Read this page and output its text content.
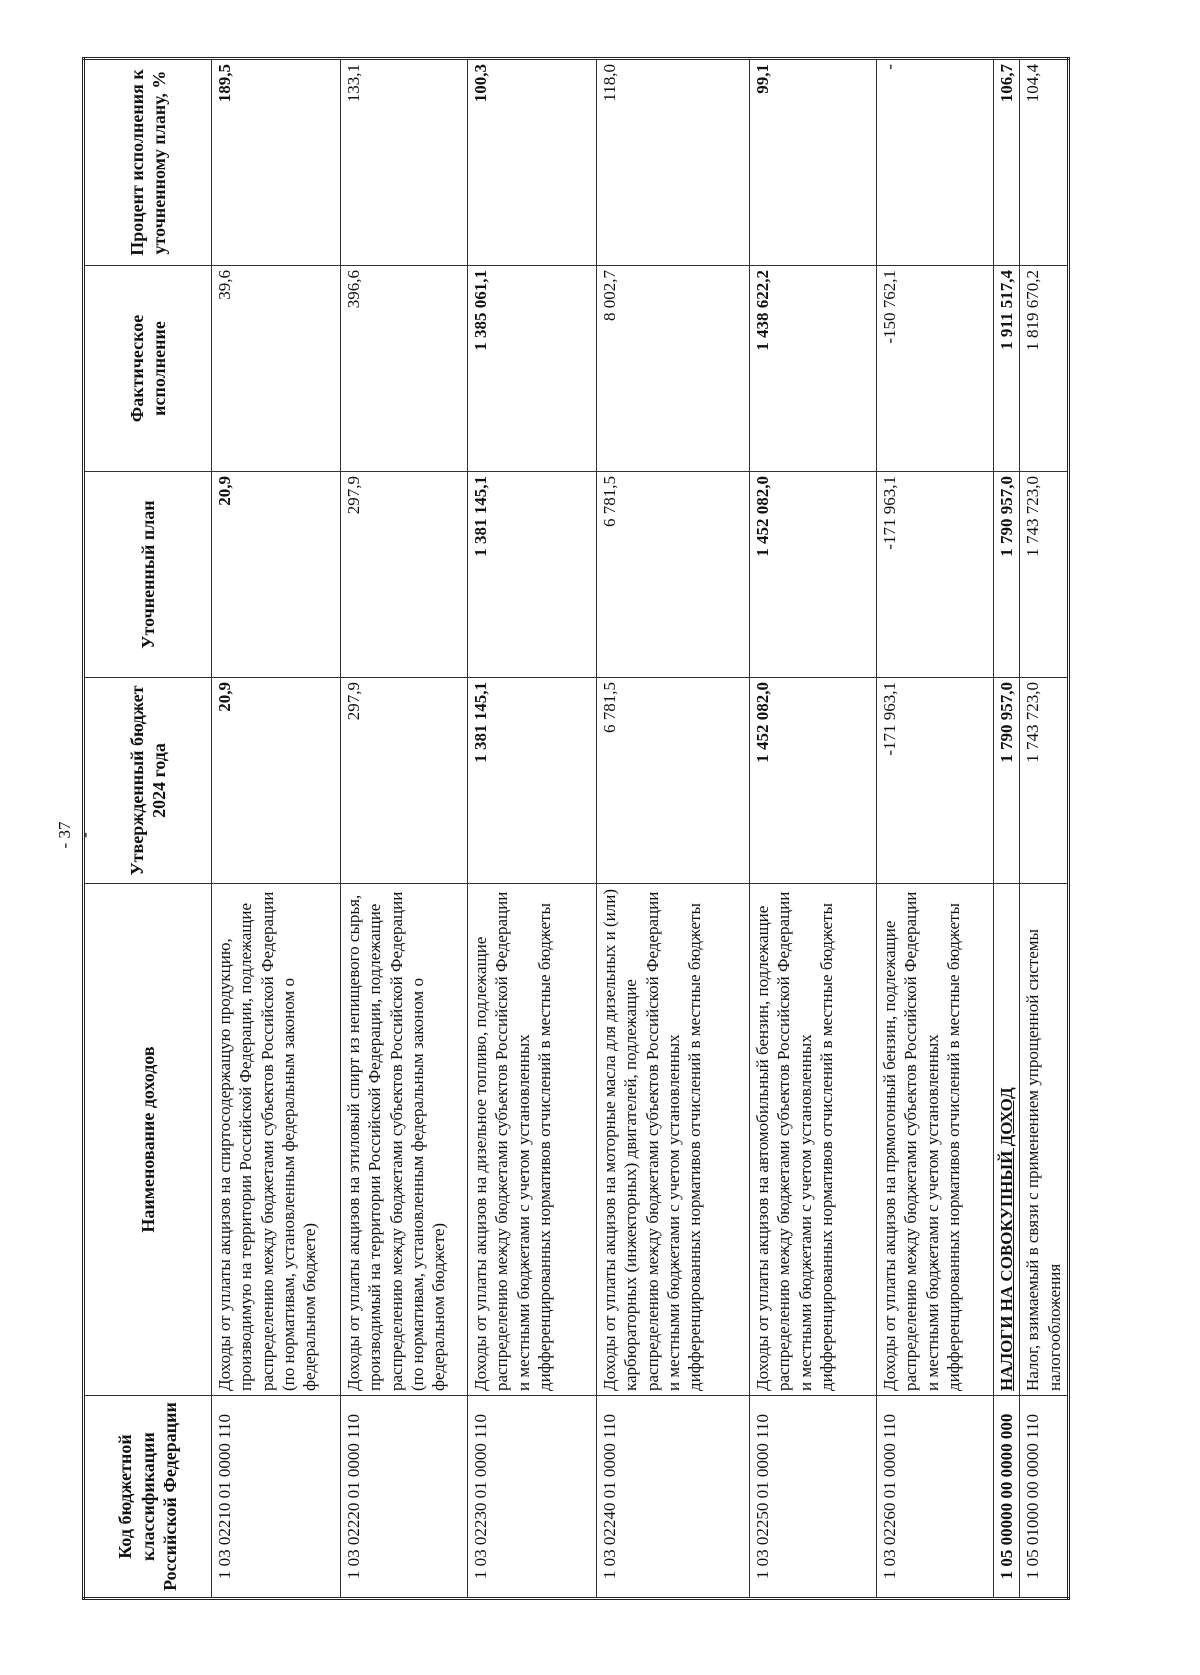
- 37 -
Код бюджетной классификации Российской Федерации	Наименование доходов	Утвержденный бюджет 2024 года	Уточненный план	Фактическое исполнение	Процент исполнения к уточненному плану, %
1 03 02210 01 0000 110	Доходы от уплаты акцизов на спиртосодержащую продукцию, производимую на территории Российской Федерации, подлежащие распределению между бюджетами субъектов Российской Федерации (по нормативам, установленным федеральным законом о федеральном бюджете)	20,9	20,9	39,6	189,5
1 03 02220 01 0000 110	Доходы от уплаты акцизов на этиловый спирт из непищевого сырья, производимый на территории Российской Федерации, подлежащие распределению между бюджетами субъектов Российской Федерации (по нормативам, установленным федеральным законом о федеральном бюджете)	297,9	297,9	396,6	133,1
1 03 02230 01 0000 110	Доходы от уплаты акцизов на дизельное топливо, подлежащие распределению между бюджетами субъектов Российской Федерации и местными бюджетами с учетом установленных дифференцированных нормативов отчислений в местные бюджеты	1 381 145,1	1 381 145,1	1 385 061,1	100,3
1 03 02240 01 0000 110	Доходы от уплаты акцизов на моторные масла для дизельных и (или) карбюраторных (инжекторных) двигателей, подлежащие распределению между бюджетами субъектов Российской Федерации и местными бюджетами с учетом установленных дифференцированных нормативов отчислений в местные бюджеты	6 781,5	6 781,5	8 002,7	118,0
1 03 02250 01 0000 110	Доходы от уплаты акцизов на автомобильный бензин, подлежащие распределению между бюджетами субъектов Российской Федерации и местными бюджетами с учетом установленных дифференцированных нормативов отчислений в местные бюджеты	1 452 082,0	1 452 082,0	1 438 622,2	99,1
1 03 02260 01 0000 110	Доходы от уплаты акцизов на прямогонный бензин, подлежащие распределению между бюджетами субъектов Российской Федерации и местными бюджетами с учетом установленных дифференцированных нормативов отчислений в местные бюджеты	-171 963,1	-171 963,1	-150 762,1	-
1 05 00000 00 0000 000	НАЛОГИ НА СОВОКУПНЫЙ ДОХОД	1 790 957,0	1 790 957,0	1 911 517,4	106,7
1 05 01000 00 0000 110	Налог, взимаемый в связи с применением упрощенной системы налогообложения	1 743 723,0	1 743 723,0	1 819 670,2	104,4
